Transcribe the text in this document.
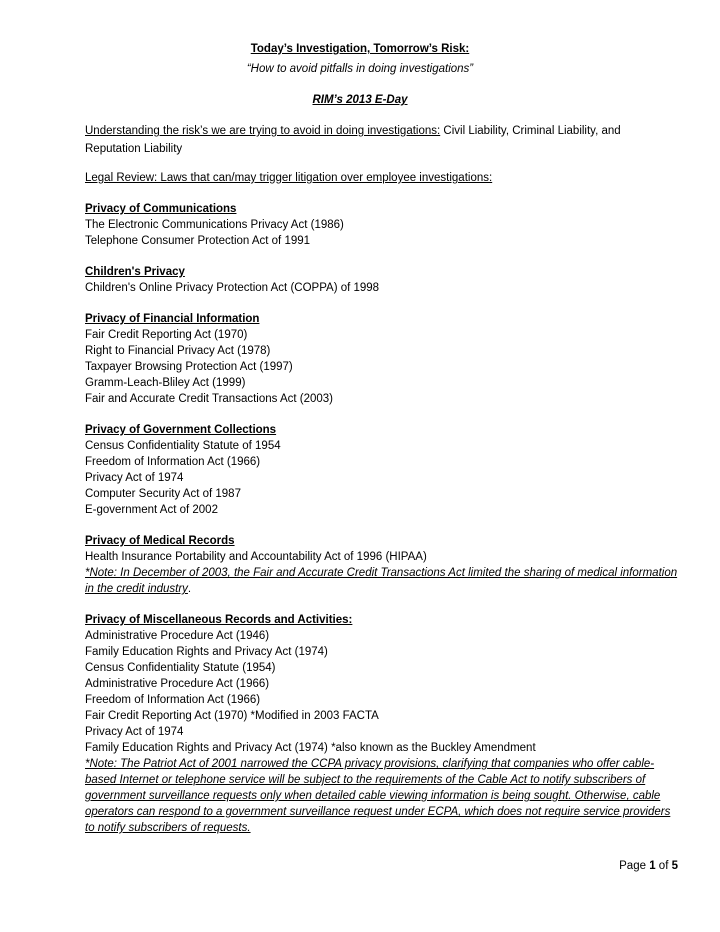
Today’s Investigation, Tomorrow’s Risk:
“How to avoid pitfalls in doing investigations”
RIM’s 2013 E-Day

Understanding the risk’s we are trying to avoid in doing investigations: Civil Liability, Criminal Liability, and Reputation Liability

Legal Review: Laws that can/may trigger litigation over employee investigations:

Privacy of Communications
The Electronic Communications Privacy Act (1986)
Telephone Consumer Protection Act of 1991
Children's Privacy
Children's Online Privacy Protection Act (COPPA) of 1998
Privacy of Financial Information
Fair Credit Reporting Act (1970)
Right to Financial Privacy Act (1978)
Taxpayer Browsing Protection Act (1997)
Gramm-Leach-Bliley Act (1999)
Fair and Accurate Credit Transactions Act (2003)
Privacy of Government Collections
Census Confidentiality Statute of 1954
Freedom of Information Act (1966)
Privacy Act of 1974
Computer Security Act of 1987
E-government Act of 2002
Privacy of Medical Records
Health Insurance Portability and Accountability Act of 1996 (HIPAA)

*Note: In December of 2003, the Fair and Accurate Credit Transactions Act limited the sharing of medical information in the credit industry.

Privacy of Miscellaneous Records and Activities:
Administrative Procedure Act (1946)
Family Education Rights and Privacy Act (1974)
Census Confidentiality Statute (1954)
Administrative Procedure Act (1966)
Freedom of Information Act (1966)
Fair Credit Reporting Act (1970) *Modified in 2003 FACTA
Privacy Act of 1974
Family Education Rights and Privacy Act (1974) *also known as the Buckley Amendment

*Note: The Patriot Act of 2001 narrowed the CCPA privacy provisions, clarifying that companies who offer cable-based Internet or telephone service will be subject to the requirements of the Cable Act to notify subscribers of government surveillance requests only when detailed cable viewing information is being sought. Otherwise, cable operators can respond to a government surveillance request under ECPA, which does not require service providers to notify subscribers of requests.

Page 1 of 5
